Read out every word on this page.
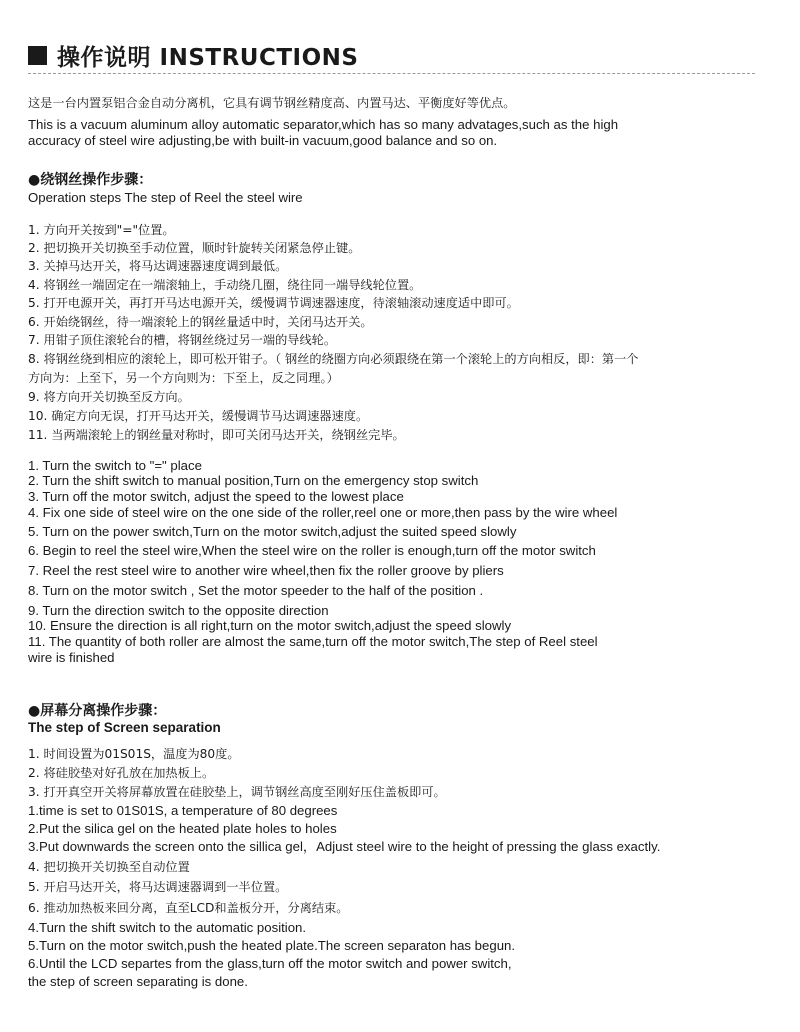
操作说明 INSTRUCTIONS
这是一台内置泵铝合金自动分离机，它具有调节钢丝精度高、内置马达、平衡度好等优点。
This is a vacuum aluminum alloy automatic separator,which has so many advatages,such as the high
accuracy of steel wire adjusting,be with built-in vacuum,good balance and so on.
●绕钢丝操作步骤：
Operation steps The step of Reel the steel wire
1. 方向开关按到"="位置。
2. 把切换开关切换至手动位置，顺时针旋转关闭紧急停止键。
3. 关掉马达开关，将马达调速器速度调到最低。
4. 将钢丝一端固定在一端滚轴上，手动绕几圈，绕往同一端导线轮位置。
5. 打开电源开关，再打开马达电源开关，缓慢调节调速器速度，待滚轴滚动速度适中即可。
6. 开始绕钢丝，待一端滚轮上的钢丝量适中时，关闭马达开关。
7. 用钳子顶住滚轮台的槽，将钢丝绕过另一端的导线轮。
8. 将钢丝绕到相应的滚轮上，即可松开钳子。（ 钢丝的绕圈方向必须跟绕在第一个滚轮上的方向相反，即：第一个
方向为：上至下，另一个方向则为：下至上，反之同理。）
9. 将方向开关切换至反方向。
10. 确定方向无误，打开马达开关，缓慢调节马达调速器速度。
11. 当两端滚轮上的钢丝量对称时，即可关闭马达开关，绕钢丝完毕。
1. Turn the switch to "=" place
2. Turn the shift switch to manual position,Turn on the emergency stop switch
3. Turn off the motor switch, adjust the speed to the lowest place
4. Fix one side of steel wire on the one side of the roller,reel one or more,then pass by the wire wheel
5. Turn on the power switch,Turn on the motor switch,adjust the suited speed slowly
6. Begin to reel the steel wire,When the steel wire on the roller is enough,turn off the motor switch
7. Reel the rest steel wire to another wire wheel,then fix the roller groove by pliers
8. Turn on the motor switch , Set the motor speeder to the half of the position .
9. Turn the direction switch to the opposite direction
10. Ensure the direction is all right,turn on the motor switch,adjust the speed slowly
11. The quantity of both roller are almost the same,turn off the motor switch,The step of Reel steel
wire is finished
●屏幕分离操作步骤：
The step of Screen separation
1. 时间设置为01S01S，温度为80度。
2. 将硅胶垫对好孔放在加热板上。
3. 打开真空开关将屏幕放置在硅胶垫上，调节钢丝高度至刚好压住盖板即可。
1.time is set to 01S01S, a temperature of 80 degrees
2.Put the silica gel on the heated plate holes to holes
3.Put downwards the screen onto the sillica gel，Adjust steel wire to the height of pressing the glass exactly.
4. 把切换开关切换至自动位置
5. 开启马达开关，将马达调速器调到一半位置。
6. 推动加热板来回分离，直至LCD和盖板分开，分离结束。
4.Turn the shift switch to the automatic position.
5.Turn on the motor switch,push the heated plate.The screen separaton has begun.
6.Until the LCD separtes from the glass,turn off the motor switch and power switch,
the step of screen separating is done.
